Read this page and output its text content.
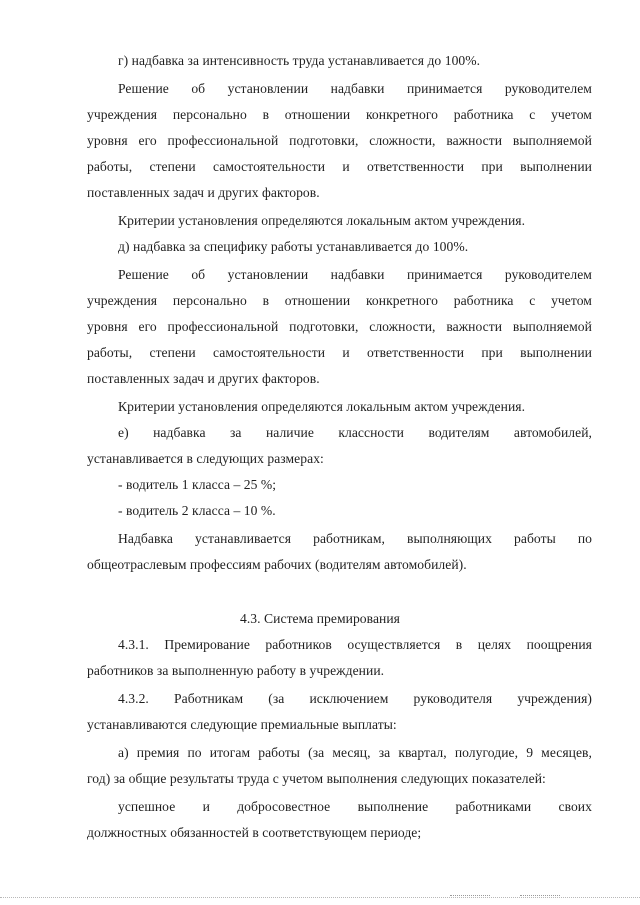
г) надбавка за интенсивность труда устанавливается до 100%.

Решение об установлении надбавки принимается руководителем

учреждения персонально в отношении конкретного работника с учетом

уровня его профессиональной подготовки, сложности, важности выполняемой

работы, степени самостоятельности и ответственности при выполнении

поставленных задач и других факторов.

Критерии установления определяются локальным актом учреждения.

д) надбавка за специфику работы устанавливается до 100%.

Решение об установлении надбавки принимается руководителем

учреждения персонально в отношении конкретного работника с учетом

уровня его профессиональной подготовки, сложности, важности выполняемой

работы, степени самостоятельности и ответственности при выполнении

поставленных задач и других факторов.

Критерии установления определяются локальным актом учреждения.

е) надбавка за наличие классности водителям автомобилей,

устанавливается в следующих размерах:

- водитель 1 класса – 25 %;

- водитель 2 класса – 10 %.

Надбавка устанавливается работникам, выполняющих работы по

общеотраслевым профессиям рабочих (водителям автомобилей).

4.3. Система премирования

4.3.1. Премирование работников осуществляется в целях поощрения

работников за выполненную работу в учреждении.

4.3.2. Работникам (за исключением руководителя учреждения)

устанавливаются следующие премиальные выплаты:

а) премия по итогам работы (за месяц, за квартал, полугодие, 9 месяцев,

год) за общие результаты труда с учетом выполнения следующих показателей:

успешное и добросовестное выполнение работниками своих

должностных обязанностей в соответствующем периоде;
